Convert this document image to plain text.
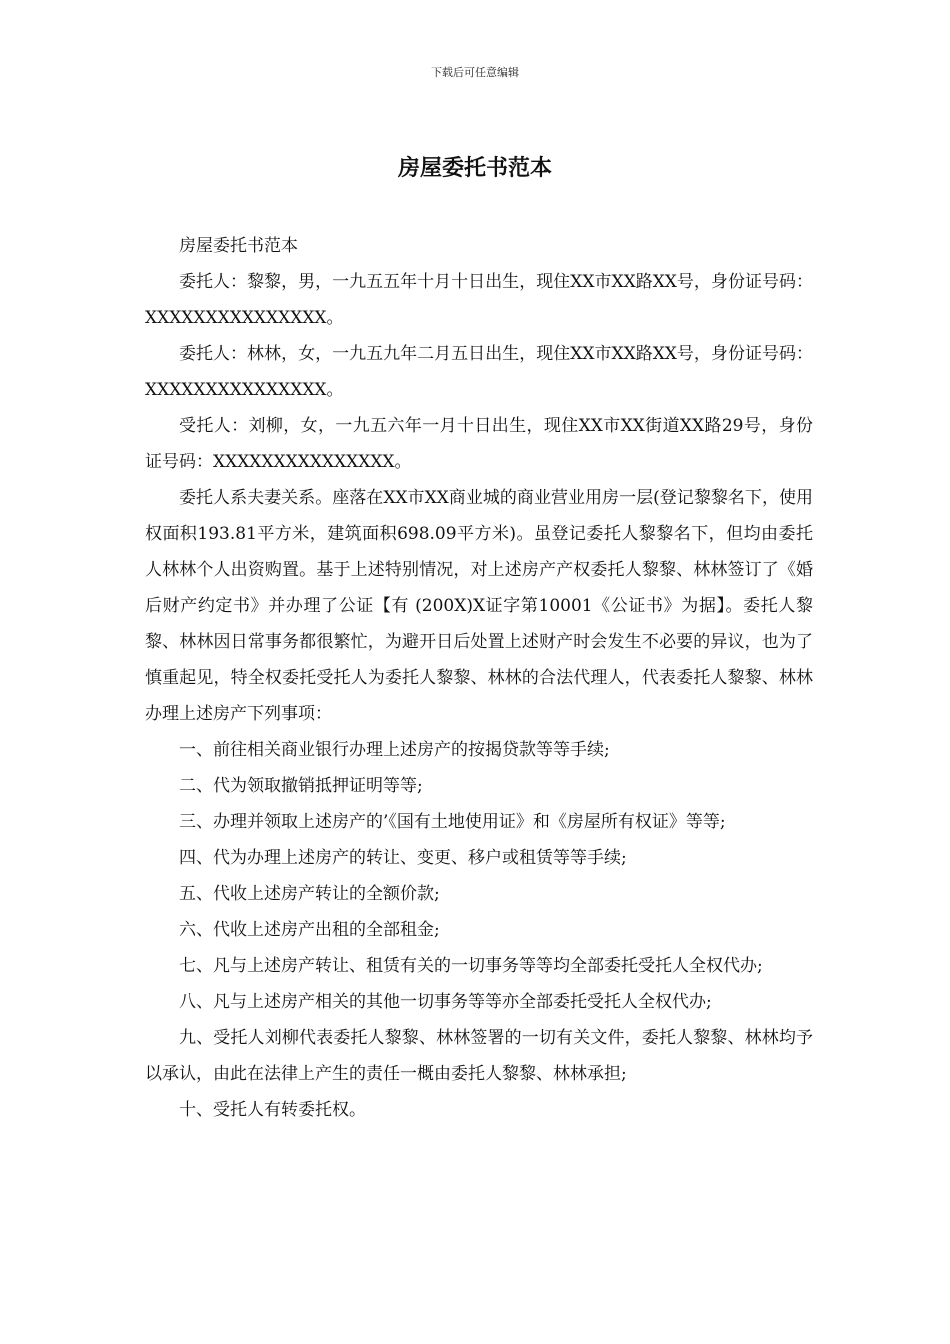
下载后可任意编辑
房屋委托书范本

房屋委托书范本

委托人：黎黎，男，一九五五年十月十日出生，现住XX市XX路XX号，身份证号码：XXXXXXXXXXXXXXX。

委托人：林林，女，一九五九年二月五日出生，现住XX市XX路XX号，身份证号码：XXXXXXXXXXXXXXX。

受托人：刘柳，女，一九五六年一月十日出生，现住XX市XX街道XX路29号，身份证号码：XXXXXXXXXXXXXXX。

委托人系夫妻关系。座落在XX市XX商业城的商业营业用房一层(登记黎黎名下，使用权面积193.81平方米，建筑面积698.09平方米)。虽登记委托人黎黎名下，但均由委托人林林个人出资购置。基于上述特别情况，对上述房产产权委托人黎黎、林林签订了《婚后财产约定书》并办理了公证【有 (200X)X证字第10001《公证书》为据】。委托人黎黎、林林因日常事务都很繁忙，为避开日后处置上述财产时会发生不必要的异议，也为了慎重起见，特全权委托受托人为委托人黎黎、林林的合法代理人，代表委托人黎黎、林林办理上述房产下列事项：

一、前往相关商业银行办理上述房产的按揭贷款等等手续;

二、代为领取撤销抵押证明等等;

三、办理并领取上述房产的’《国有土地使用证》和《房屋所有权证》等等;

四、代为办理上述房产的转让、变更、移户或租赁等等手续;

五、代收上述房产转让的全额价款;

六、代收上述房产出租的全部租金;

七、凡与上述房产转让、租赁有关的一切事务等等均全部委托受托人全权代办;

八、凡与上述房产相关的其他一切事务等等亦全部委托受托人全权代办;

九、受托人刘柳代表委托人黎黎、林林签署的一切有关文件，委托人黎黎、林林均予以承认，由此在法律上产生的责任一概由委托人黎黎、林林承担;

十、受托人有转委托权。
